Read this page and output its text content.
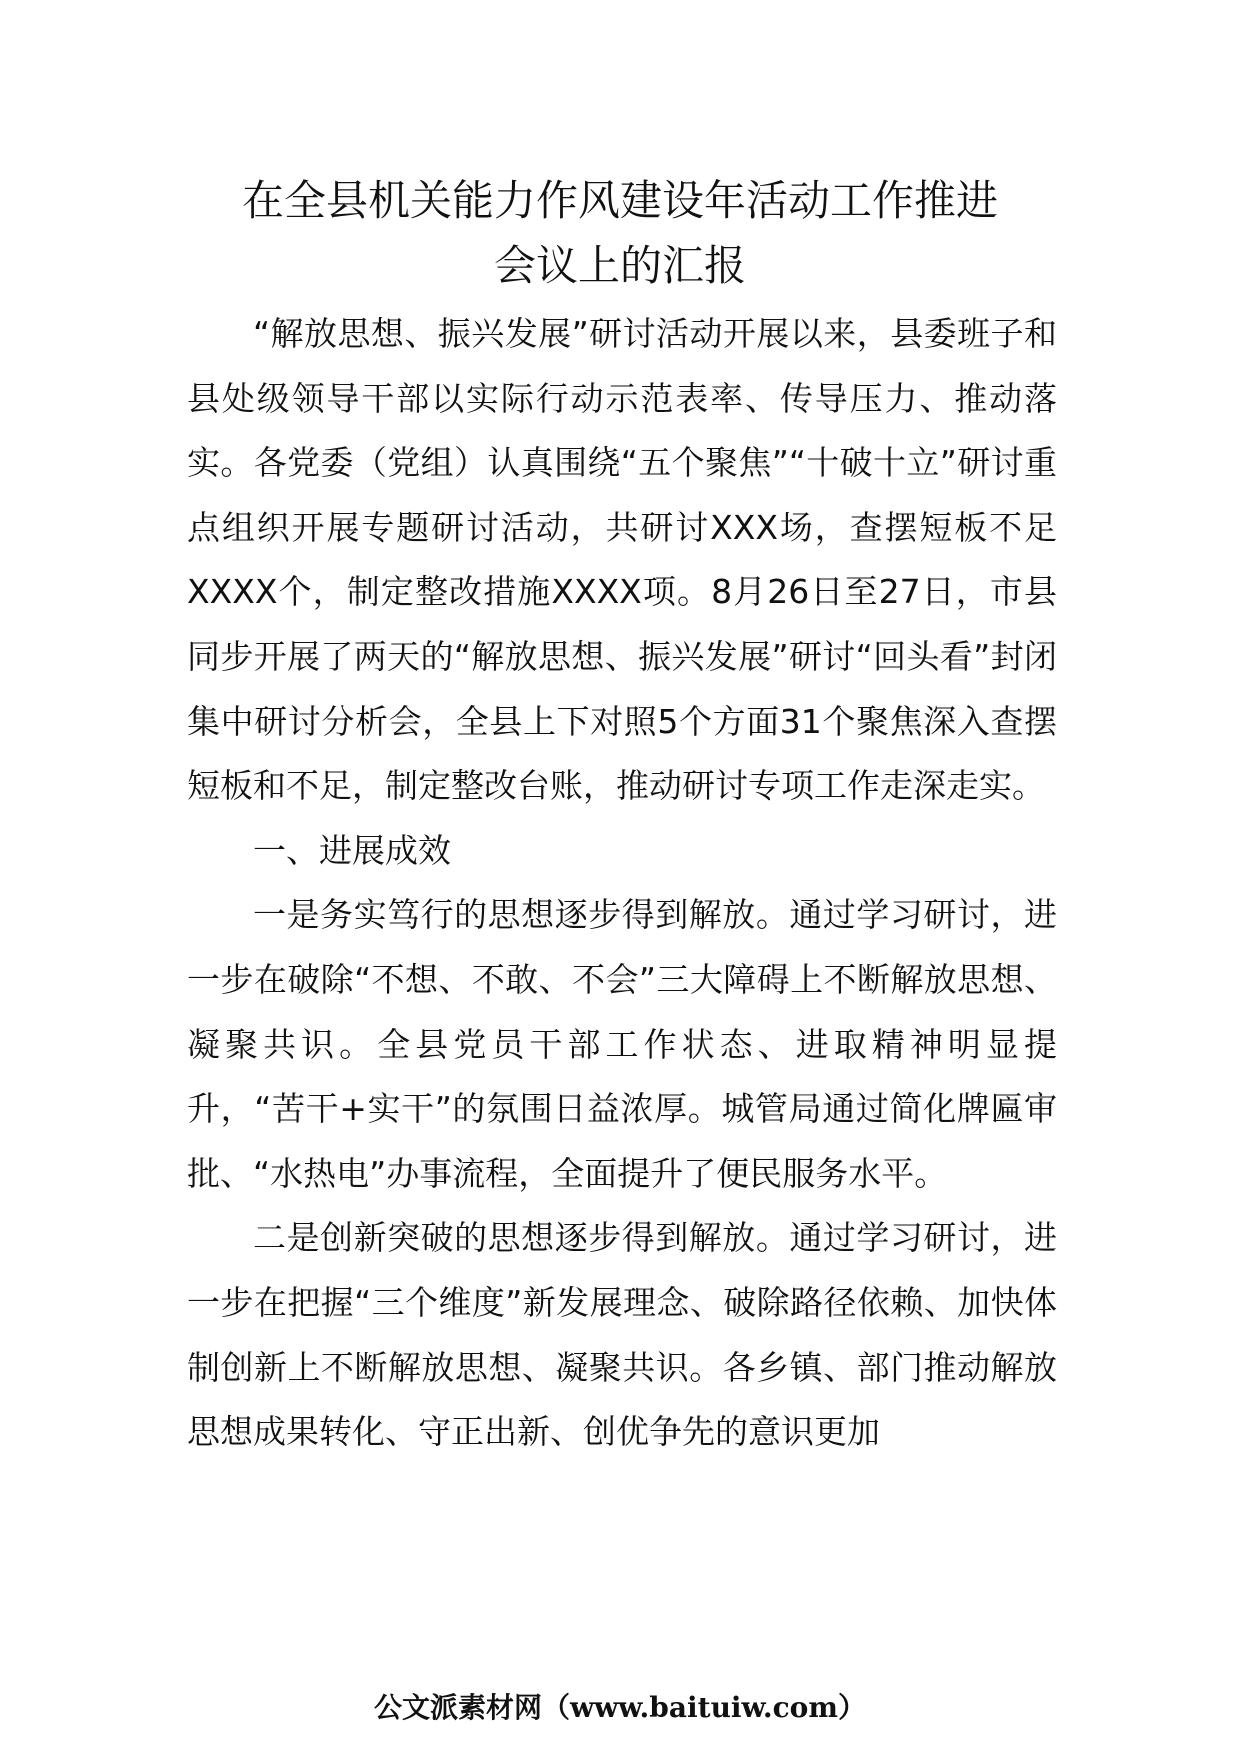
在全县机关能力作风建设年活动工作推进
会议上的汇报

“解放思想、振兴发展”研讨活动开展以来，县委班子和县处级领导干部以实际行动示范表率、传导压力、推动落实。各党委（党组）认真围绕“五个聚焦”“十破十立”研讨重点组织开展专题研讨活动，共研讨XXX场，查摆短板不足XXXX个，制定整改措施XXXX项。8月26日至27日，市县同步开展了两天的“解放思想、振兴发展”研讨“回头看”封闭集中研讨分析会，全县上下对照5个方面31个聚焦深入查摆短板和不足，制定整改台账，推动研讨专项工作走深走实。

一、进展成效

一是务实笃行的思想逐步得到解放。通过学习研讨，进一步在破除“不想、不敢、不会”三大障碍上不断解放思想、凝聚共识。全县党员干部工作状态、进取精神明显提升，“苦干+实干”的氛围日益浓厚。城管局通过简化牌匾审批、“水热电”办事流程，全面提升了便民服务水平。

二是创新突破的思想逐步得到解放。通过学习研讨，进一步在把握“三个维度”新发展理念、破除路径依赖、加快体制创新上不断解放思想、凝聚共识。各乡镇、部门推动解放思想成果转化、守正出新、创优争先的意识更加

公文派素材网（www.baituiw.com）
